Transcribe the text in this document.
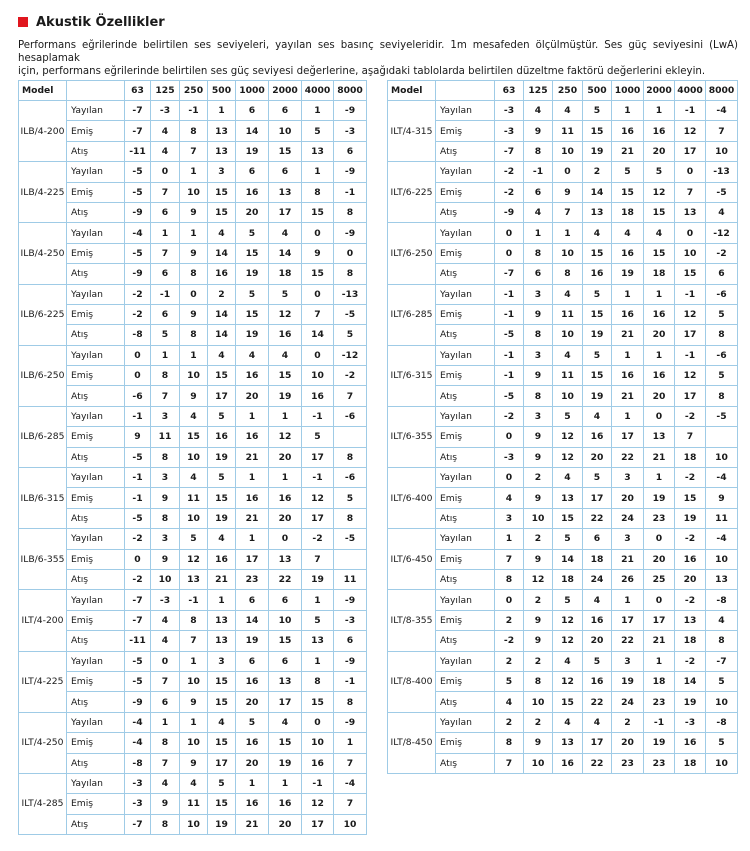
Akustik Özellikler

Performans eğrilerinde belirtilen ses seviyeleri, yayılan ses basınç seviyeleridir. 1m mesafeden ölçülmüştür. Ses güç seviyesini (LwA) hesaplamak

için, performans eğrilerinde belirtilen ses güç seviyesi değerlerine, aşağıdaki tablolarda belirtilen düzeltme faktörü değerlerini ekleyin.

Model		63	125	250	500	1000	2000	4000	8000
ILB/4-200	Yayılan	-7	-3	-1	1	6	6	1	-9
	Emiş	-7	4	8	13	14	10	5	-3
	Atış	-11	4	7	13	19	15	13	6
ILB/4-225	Yayılan	-5	0	1	3	6	6	1	-9
	Emiş	-5	7	10	15	16	13	8	-1
	Atış	-9	6	9	15	20	17	15	8
ILB/4-250	Yayılan	-4	1	1	4	5	4	0	-9
	Emiş	-5	7	9	14	15	14	9	0
	Atış	-9	6	8	16	19	18	15	8
ILB/6-225	Yayılan	-2	-1	0	2	5	5	0	-13
	Emiş	-2	6	9	14	15	12	7	-5
	Atış	-8	5	8	14	19	16	14	5
ILB/6-250	Yayılan	0	1	1	4	4	4	0	-12
	Emiş	0	8	10	15	16	15	10	-2
	Atış	-6	7	9	17	20	19	16	7
ILB/6-285	Yayılan	-1	3	4	5	1	1	-1	-6
	Emiş	9	11	15	16	16	12	5	
	Atış	-5	8	10	19	21	20	17	8
ILB/6-315	Yayılan	-1	3	4	5	1	1	-1	-6
	Emiş	-1	9	11	15	16	16	12	5
	Atış	-5	8	10	19	21	20	17	8
ILB/6-355	Yayılan	-2	3	5	4	1	0	-2	-5
	Emiş	0	9	12	16	17	13	7	
	Atış	-2	10	13	21	23	22	19	11
ILT/4-200	Yayılan	-7	-3	-1	1	6	6	1	-9
	Emiş	-7	4	8	13	14	10	5	-3
	Atış	-11	4	7	13	19	15	13	6
ILT/4-225	Yayılan	-5	0	1	3	6	6	1	-9
	Emiş	-5	7	10	15	16	13	8	-1
	Atış	-9	6	9	15	20	17	15	8
ILT/4-250	Yayılan	-4	1	1	4	5	4	0	-9
	Emiş	-4	8	10	15	16	15	10	1
	Atış	-8	7	9	17	20	19	16	7
ILT/4-285	Yayılan	-3	4	4	5	1	1	-1	-4
	Emiş	-3	9	11	15	16	16	12	7
	Atış	-7	8	10	19	21	20	17	10
Model		63	125	250	500	1000	2000	4000	8000
ILT/4-315	Yayılan	-3	4	4	5	1	1	-1	-4
	Emiş	-3	9	11	15	16	16	12	7
	Atış	-7	8	10	19	21	20	17	10
ILT/6-225	Yayılan	-2	-1	0	2	5	5	0	-13
	Emiş	-2	6	9	14	15	12	7	-5
	Atış	-9	4	7	13	18	15	13	4
ILT/6-250	Yayılan	0	1	1	4	4	4	0	-12
	Emiş	0	8	10	15	16	15	10	-2
	Atış	-7	6	8	16	19	18	15	6
ILT/6-285	Yayılan	-1	3	4	5	1	1	-1	-6
	Emiş	-1	9	11	15	16	16	12	5
	Atış	-5	8	10	19	21	20	17	8
ILT/6-315	Yayılan	-1	3	4	5	1	1	-1	-6
	Emiş	-1	9	11	15	16	16	12	5
	Atış	-5	8	10	19	21	20	17	8
ILT/6-355	Yayılan	-2	3	5	4	1	0	-2	-5
	Emiş	0	9	12	16	17	13	7	
	Atış	-3	9	12	20	22	21	18	10
ILT/6-400	Yayılan	0	2	4	5	3	1	-2	-4
	Emiş	4	9	13	17	20	19	15	9
	Atış	3	10	15	22	24	23	19	11
ILT/6-450	Yayılan	1	2	5	6	3	0	-2	-4
	Emiş	7	9	14	18	21	20	16	10
	Atış	8	12	18	24	26	25	20	13
ILT/8-355	Yayılan	0	2	5	4	1	0	-2	-8
	Emiş	2	9	12	16	17	17	13	4
	Atış	-2	9	12	20	22	21	18	8
ILT/8-400	Yayılan	2	2	4	5	3	1	-2	-7
	Emiş	5	8	12	16	19	18	14	5
	Atış	4	10	15	22	24	23	19	10
ILT/8-450	Yayılan	2	2	4	4	2	-1	-3	-8
	Emiş	8	9	13	17	20	19	16	5
	Atış	7	10	16	22	23	23	18	10
